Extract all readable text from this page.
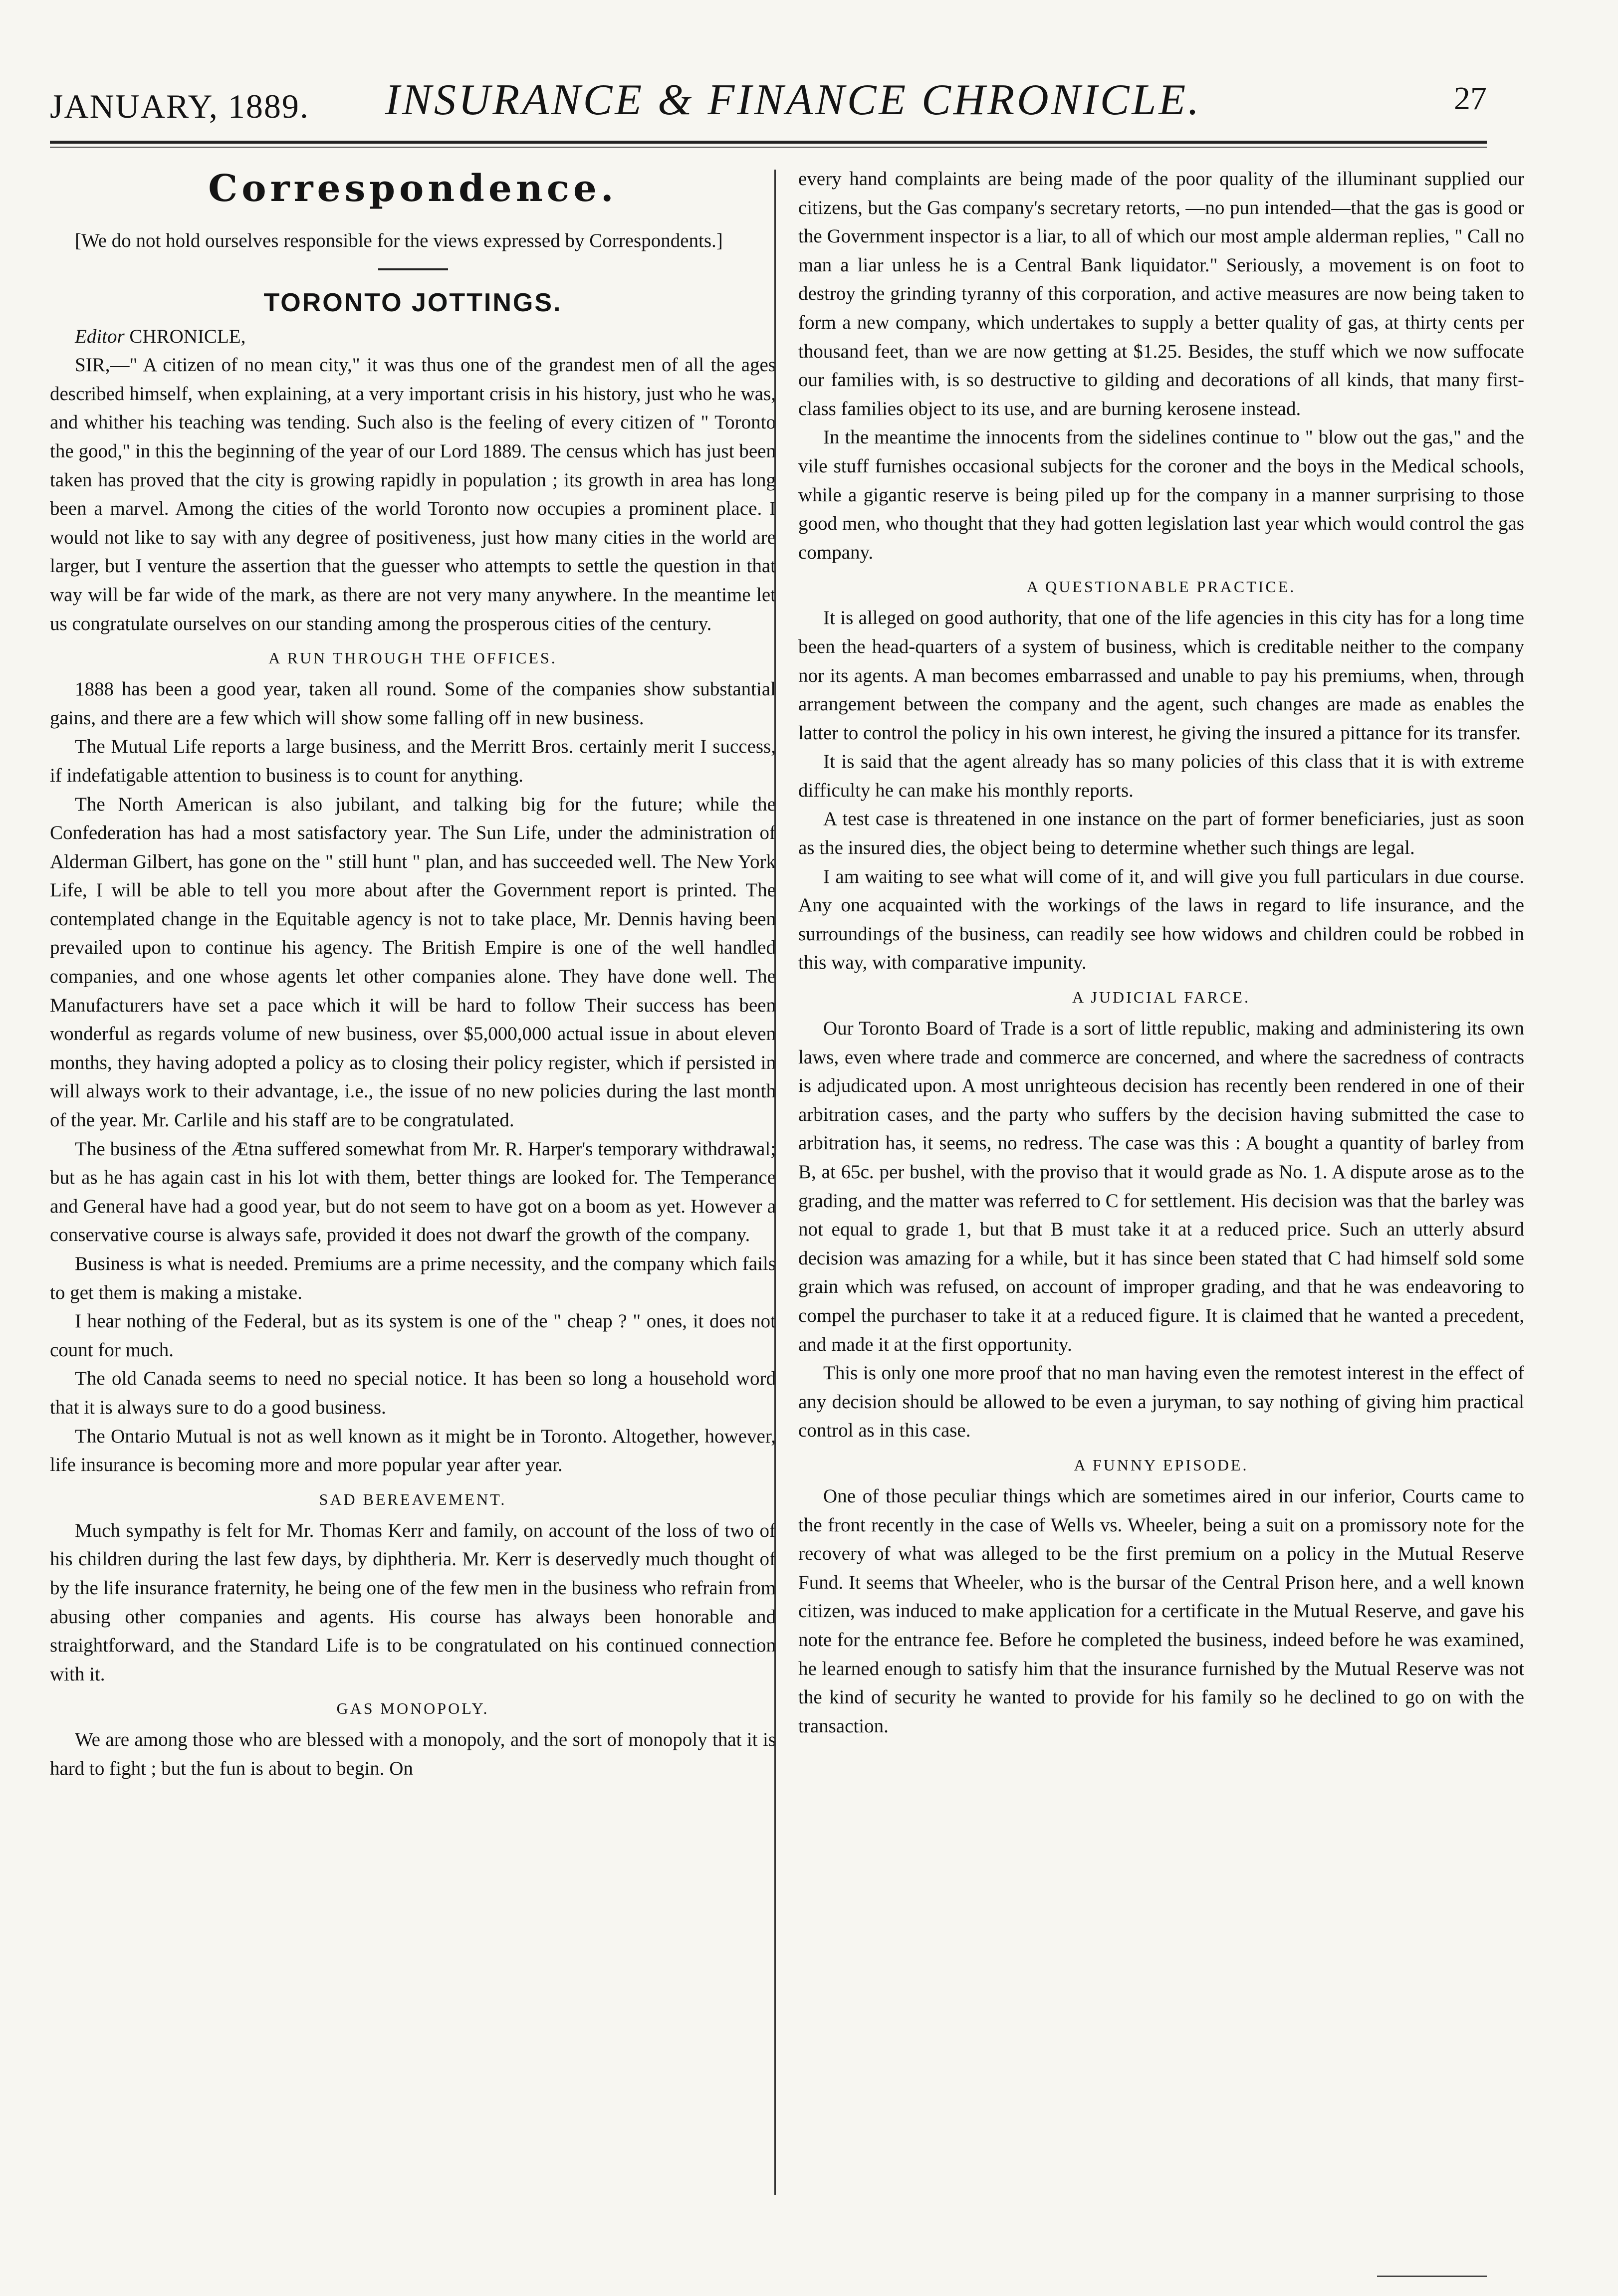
JANUARY, 1889.	INSURANCE & FINANCE CHRONICLE.	27
Correspondence.

[We do not hold ourselves responsible for the views expressed by Correspondents.]

TORONTO JOTTINGS.

Editor CHRONICLE,

SIR,—" A citizen of no mean city," it was thus one of the grandest men of all the ages described himself, when explaining, at a very important crisis in his history, just who he was, and whither his teaching was tending. Such also is the feeling of every citizen of " Toronto the good," in this the beginning of the year of our Lord 1889. The census which has just been taken has proved that the city is growing rapidly in population ; its growth in area has long been a marvel. Among the cities of the world Toronto now occupies a prominent place. I would not like to say with any degree of positiveness, just how many cities in the world are larger, but I venture the assertion that the guesser who attempts to settle the question in that way will be far wide of the mark, as there are not very many anywhere. In the meantime let us congratulate ourselves on our standing among the prosperous cities of the century.

A RUN THROUGH THE OFFICES.

1888 has been a good year, taken all round. Some of the companies show substantial gains, and there are a few which will show some falling off in new business.

The Mutual Life reports a large business, and the Merritt Bros. certainly merit I success, if indefatigable attention to business is to count for anything.

The North American is also jubilant, and talking big for the future; while the Confederation has had a most satisfactory year. The Sun Life, under the administration of Alderman Gilbert, has gone on the " still hunt " plan, and has succeeded well. The New York Life, I will be able to tell you more about after the Government report is printed. The contemplated change in the Equitable agency is not to take place, Mr. Dennis having been prevailed upon to continue his agency. The British Empire is one of the well handled companies, and one whose agents let other companies alone. They have done well. The Manufacturers have set a pace which it will be hard to follow Their success has been wonderful as regards volume of new business, over $5,000,000 actual issue in about eleven months, they having adopted a policy as to closing their policy register, which if persisted in will always work to their advantage, i.e., the issue of no new policies during the last month of the year. Mr. Carlile and his staff are to be congratulated.

The business of the Ætna suffered somewhat from Mr. R. Harper's temporary withdrawal; but as he has again cast in his lot with them, better things are looked for. The Temperance and General have had a good year, but do not seem to have got on a boom as yet. However a conservative course is always safe, provided it does not dwarf the growth of the company.

Business is what is needed. Premiums are a prime necessity, and the company which fails to get them is making a mistake.

I hear nothing of the Federal, but as its system is one of the " cheap ? " ones, it does not count for much.

The old Canada seems to need no special notice. It has been so long a household word that it is always sure to do a good business.

The Ontario Mutual is not as well known as it might be in Toronto. Altogether, however, life insurance is becoming more and more popular year after year.

SAD BEREAVEMENT.

Much sympathy is felt for Mr. Thomas Kerr and family, on account of the loss of two of his children during the last few days, by diphtheria. Mr. Kerr is deservedly much thought of by the life insurance fraternity, he being one of the few men in the business who refrain from abusing other companies and agents. His course has always been honorable and straightforward, and the Standard Life is to be congratulated on his continued connection with it.

GAS MONOPOLY.

We are among those who are blessed with a monopoly, and the sort of monopoly that it is hard to fight ; but the fun is about to begin. On

every hand complaints are being made of the poor quality of the illuminant supplied our citizens, but the Gas company's secretary retorts, —no pun intended—that the gas is good or the Government inspector is a liar, to all of which our most ample alderman replies, " Call no man a liar unless he is a Central Bank liquidator." Seriously, a movement is on foot to destroy the grinding tyranny of this corporation, and active measures are now being taken to form a new company, which undertakes to supply a better quality of gas, at thirty cents per thousand feet, than we are now getting at $1.25. Besides, the stuff which we now suffocate our families with, is so destructive to gilding and decorations of all kinds, that many first-class families object to its use, and are burning kerosene instead.

In the meantime the innocents from the sidelines continue to " blow out the gas," and the vile stuff furnishes occasional subjects for the coroner and the boys in the Medical schools, while a gigantic reserve is being piled up for the company in a manner surprising to those good men, who thought that they had gotten legislation last year which would control the gas company.

A QUESTIONABLE PRACTICE.

It is alleged on good authority, that one of the life agencies in this city has for a long time been the head-quarters of a system of business, which is creditable neither to the company nor its agents. A man becomes embarrassed and unable to pay his premiums, when, through arrangement between the company and the agent, such changes are made as enables the latter to control the policy in his own interest, he giving the insured a pittance for its transfer.

It is said that the agent already has so many policies of this class that it is with extreme difficulty he can make his monthly reports.

A test case is threatened in one instance on the part of former beneficiaries, just as soon as the insured dies, the object being to determine whether such things are legal.

I am waiting to see what will come of it, and will give you full particulars in due course. Any one acquainted with the workings of the laws in regard to life insurance, and the surroundings of the business, can readily see how widows and children could be robbed in this way, with comparative impunity.

A JUDICIAL FARCE.

Our Toronto Board of Trade is a sort of little republic, making and administering its own laws, even where trade and commerce are concerned, and where the sacredness of contracts is adjudicated upon. A most unrighteous decision has recently been rendered in one of their arbitration cases, and the party who suffers by the decision having submitted the case to arbitration has, it seems, no redress. The case was this : A bought a quantity of barley from B, at 65c. per bushel, with the proviso that it would grade as No. 1. A dispute arose as to the grading, and the matter was referred to C for settlement. His decision was that the barley was not equal to grade 1, but that B must take it at a reduced price. Such an utterly absurd decision was amazing for a while, but it has since been stated that C had himself sold some grain which was refused, on account of improper grading, and that he was endeavoring to compel the purchaser to take it at a reduced figure. It is claimed that he wanted a precedent, and made it at the first opportunity.

This is only one more proof that no man having even the remotest interest in the effect of any decision should be allowed to be even a juryman, to say nothing of giving him practical control as in this case.

A FUNNY EPISODE.

One of those peculiar things which are sometimes aired in our inferior, Courts came to the front recently in the case of Wells vs. Wheeler, being a suit on a promissory note for the recovery of what was alleged to be the first premium on a policy in the Mutual Reserve Fund. It seems that Wheeler, who is the bursar of the Central Prison here, and a well known citizen, was induced to make application for a certificate in the Mutual Reserve, and gave his note for the entrance fee. Before he completed the business, indeed before he was examined, he learned enough to satisfy him that the insurance furnished by the Mutual Reserve was not the kind of security he wanted to provide for his family so he declined to go on with the transaction.
